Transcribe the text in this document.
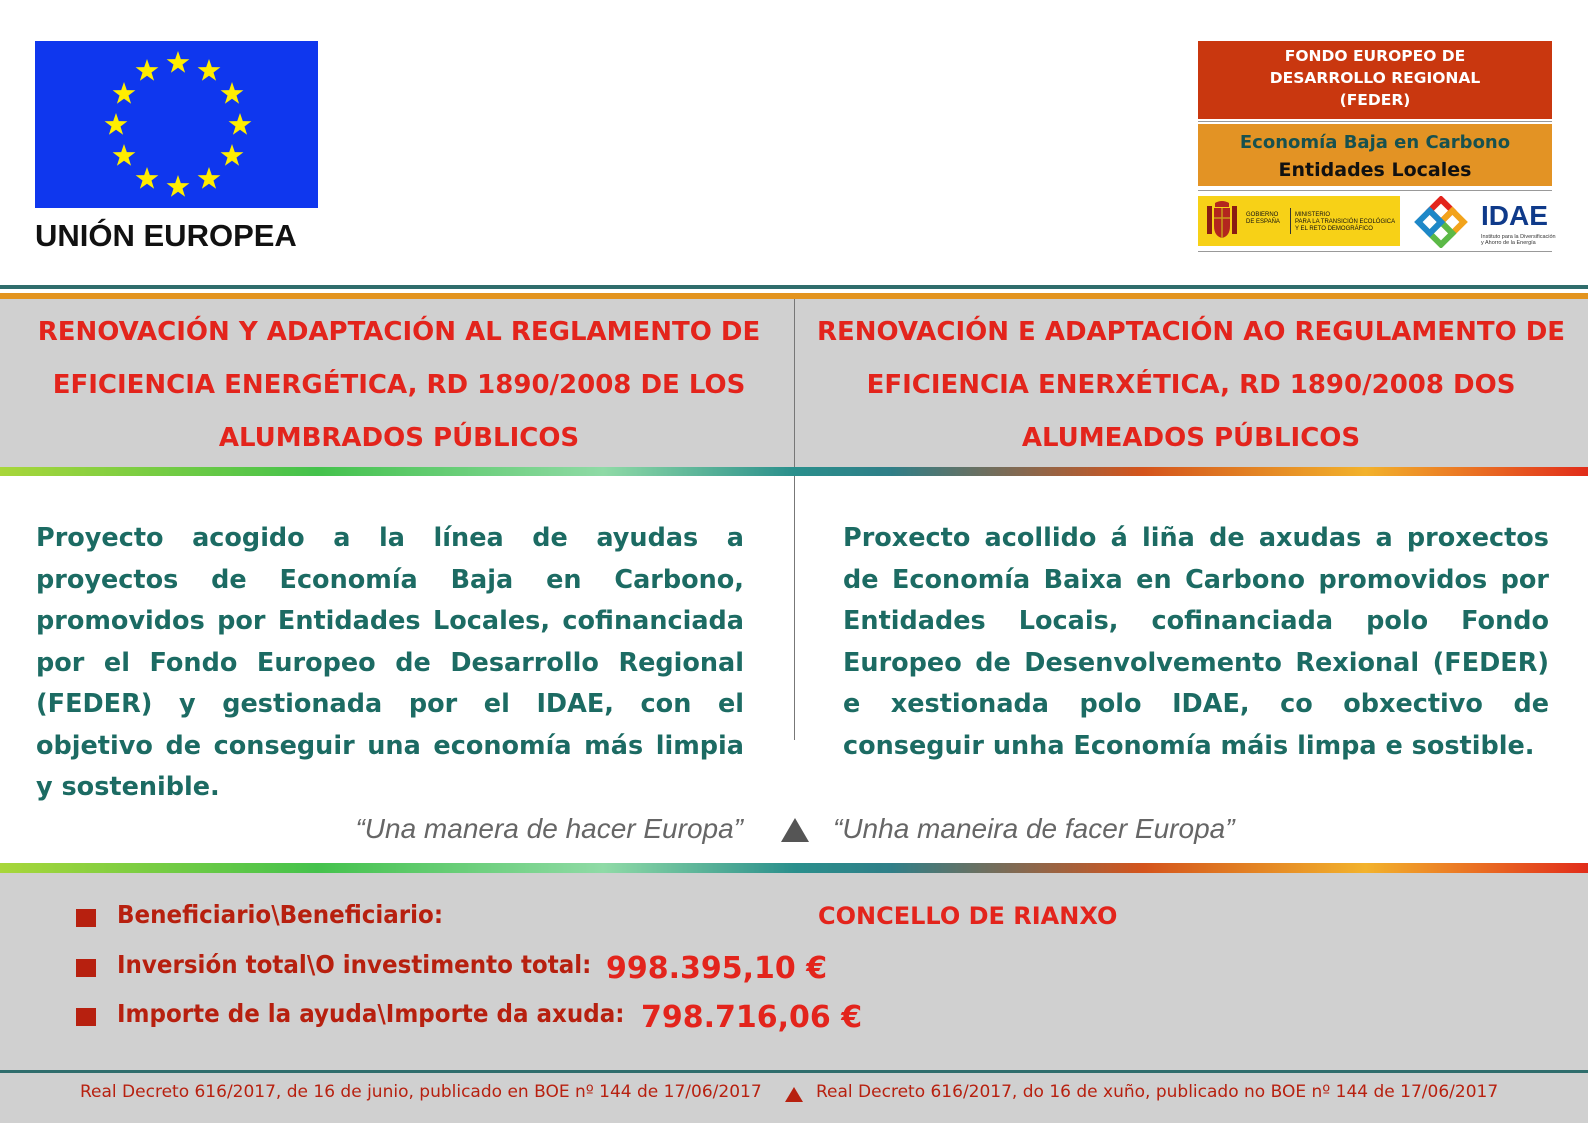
UNIÓN EUROPEA
FONDO EUROPEO DE
DESARROLLO REGIONAL
(FEDER)
Economía Baja en Carbono
Entidades Locales
GOBIERNO
DE ESPAÑA
MINISTERIO
PARA LA TRANSICIÓN ECOLÓGICA
Y EL RETO DEMOGRÁFICO	IDAE
Instituto para la Diversificación
y Ahorro de la Energía
RENOVACIÓN Y ADAPTACIÓN AL REGLAMENTO DE EFICIENCIA ENERGÉTICA, RD 1890/2008 DE LOS ALUMBRADOS PÚBLICOS
RENOVACIÓN E ADAPTACIÓN AO REGULAMENTO DE EFICIENCIA ENERXÉTICA, RD 1890/2008 DOS ALUMEADOS PÚBLICOS
Proyecto acogido a la línea de ayudas a proyectos de Economía Baja en Carbono, promovidos por Entidades Locales, cofinanciada por el Fondo Europeo de Desarrollo Regional (FEDER) y gestionada por el IDAE, con el objetivo de conseguir una economía más limpia y sostenible.
Proxecto acollido á liña de axudas a proxectos de Economía Baixa en Carbono promovidos por Entidades Locais, cofinanciada polo Fondo Europeo de Desenvolvemento Rexional (FEDER) e xestionada polo IDAE, co obxectivo de conseguir unha Economía máis limpa e sostible.
“Una manera de hacer Europa”	“Unha maneira de facer Europa”
Beneficiario\Beneficiario:	CONCELLO DE RIANXO
Inversión total\O investimento total: 998.395,10 €
Importe de la ayuda\Importe da axuda: 798.716,06 €
Real Decreto 616/2017, de 16 de junio, publicado en BOE nº 144 de 17/06/2017	Real Decreto 616/2017, do 16 de xuño, publicado no BOE nº 144 de 17/06/2017
